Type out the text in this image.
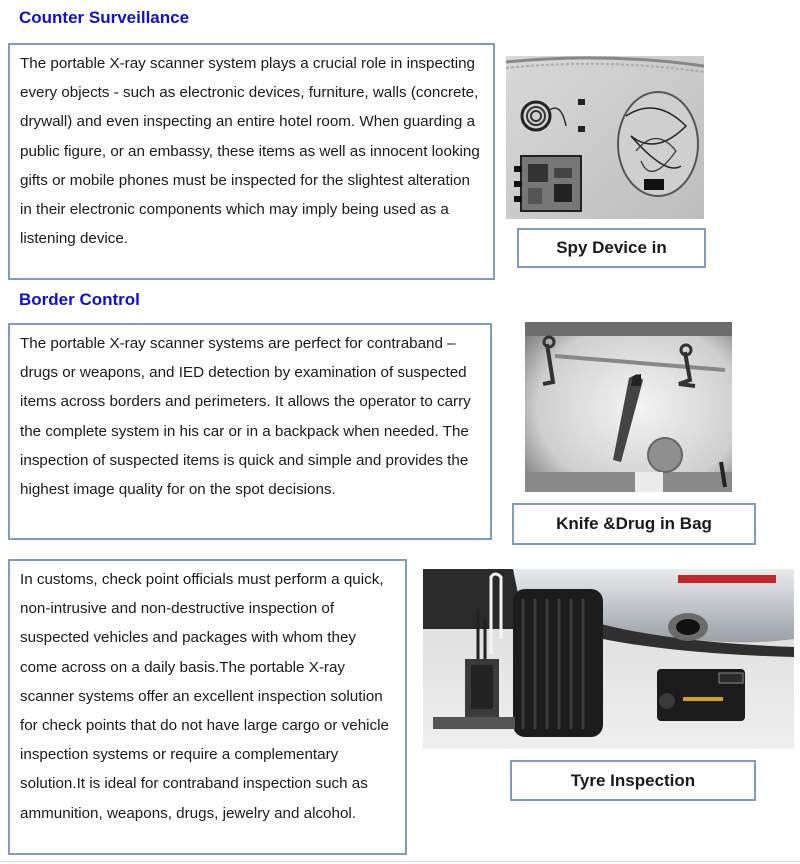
Counter Surveillance
The portable X-ray scanner system plays a crucial role in inspecting every objects - such as electronic devices, furniture, walls (concrete, drywall) and even inspecting an entire hotel room. When guarding a public figure, or an embassy, these items as well as innocent looking gifts or mobile phones must be inspected for the slightest alteration in their electronic components which may imply being used as a listening device.	Spy Device in
Border Control
The portable X-ray scanner systems are perfect for contraband – drugs or weapons, and IED detection by examination of suspected items across borders and perimeters. It allows the operator to carry the complete system in his car or in a backpack when needed. The inspection of suspected items is quick and simple and provides the highest image quality for on the spot decisions.
Knife &Drug in Bag
In customs, check point officials must perform a quick, non-intrusive and non-destructive inspection of suspected vehicles and packages with whom they come across on a daily basis.The portable X-ray scanner systems offer an excellent inspection solution for check points that do not have large cargo or vehicle inspection systems or require a complementary solution.It is ideal for contraband inspection such as ammunition, weapons, drugs, jewelry and alcohol.
Tyre Inspection
